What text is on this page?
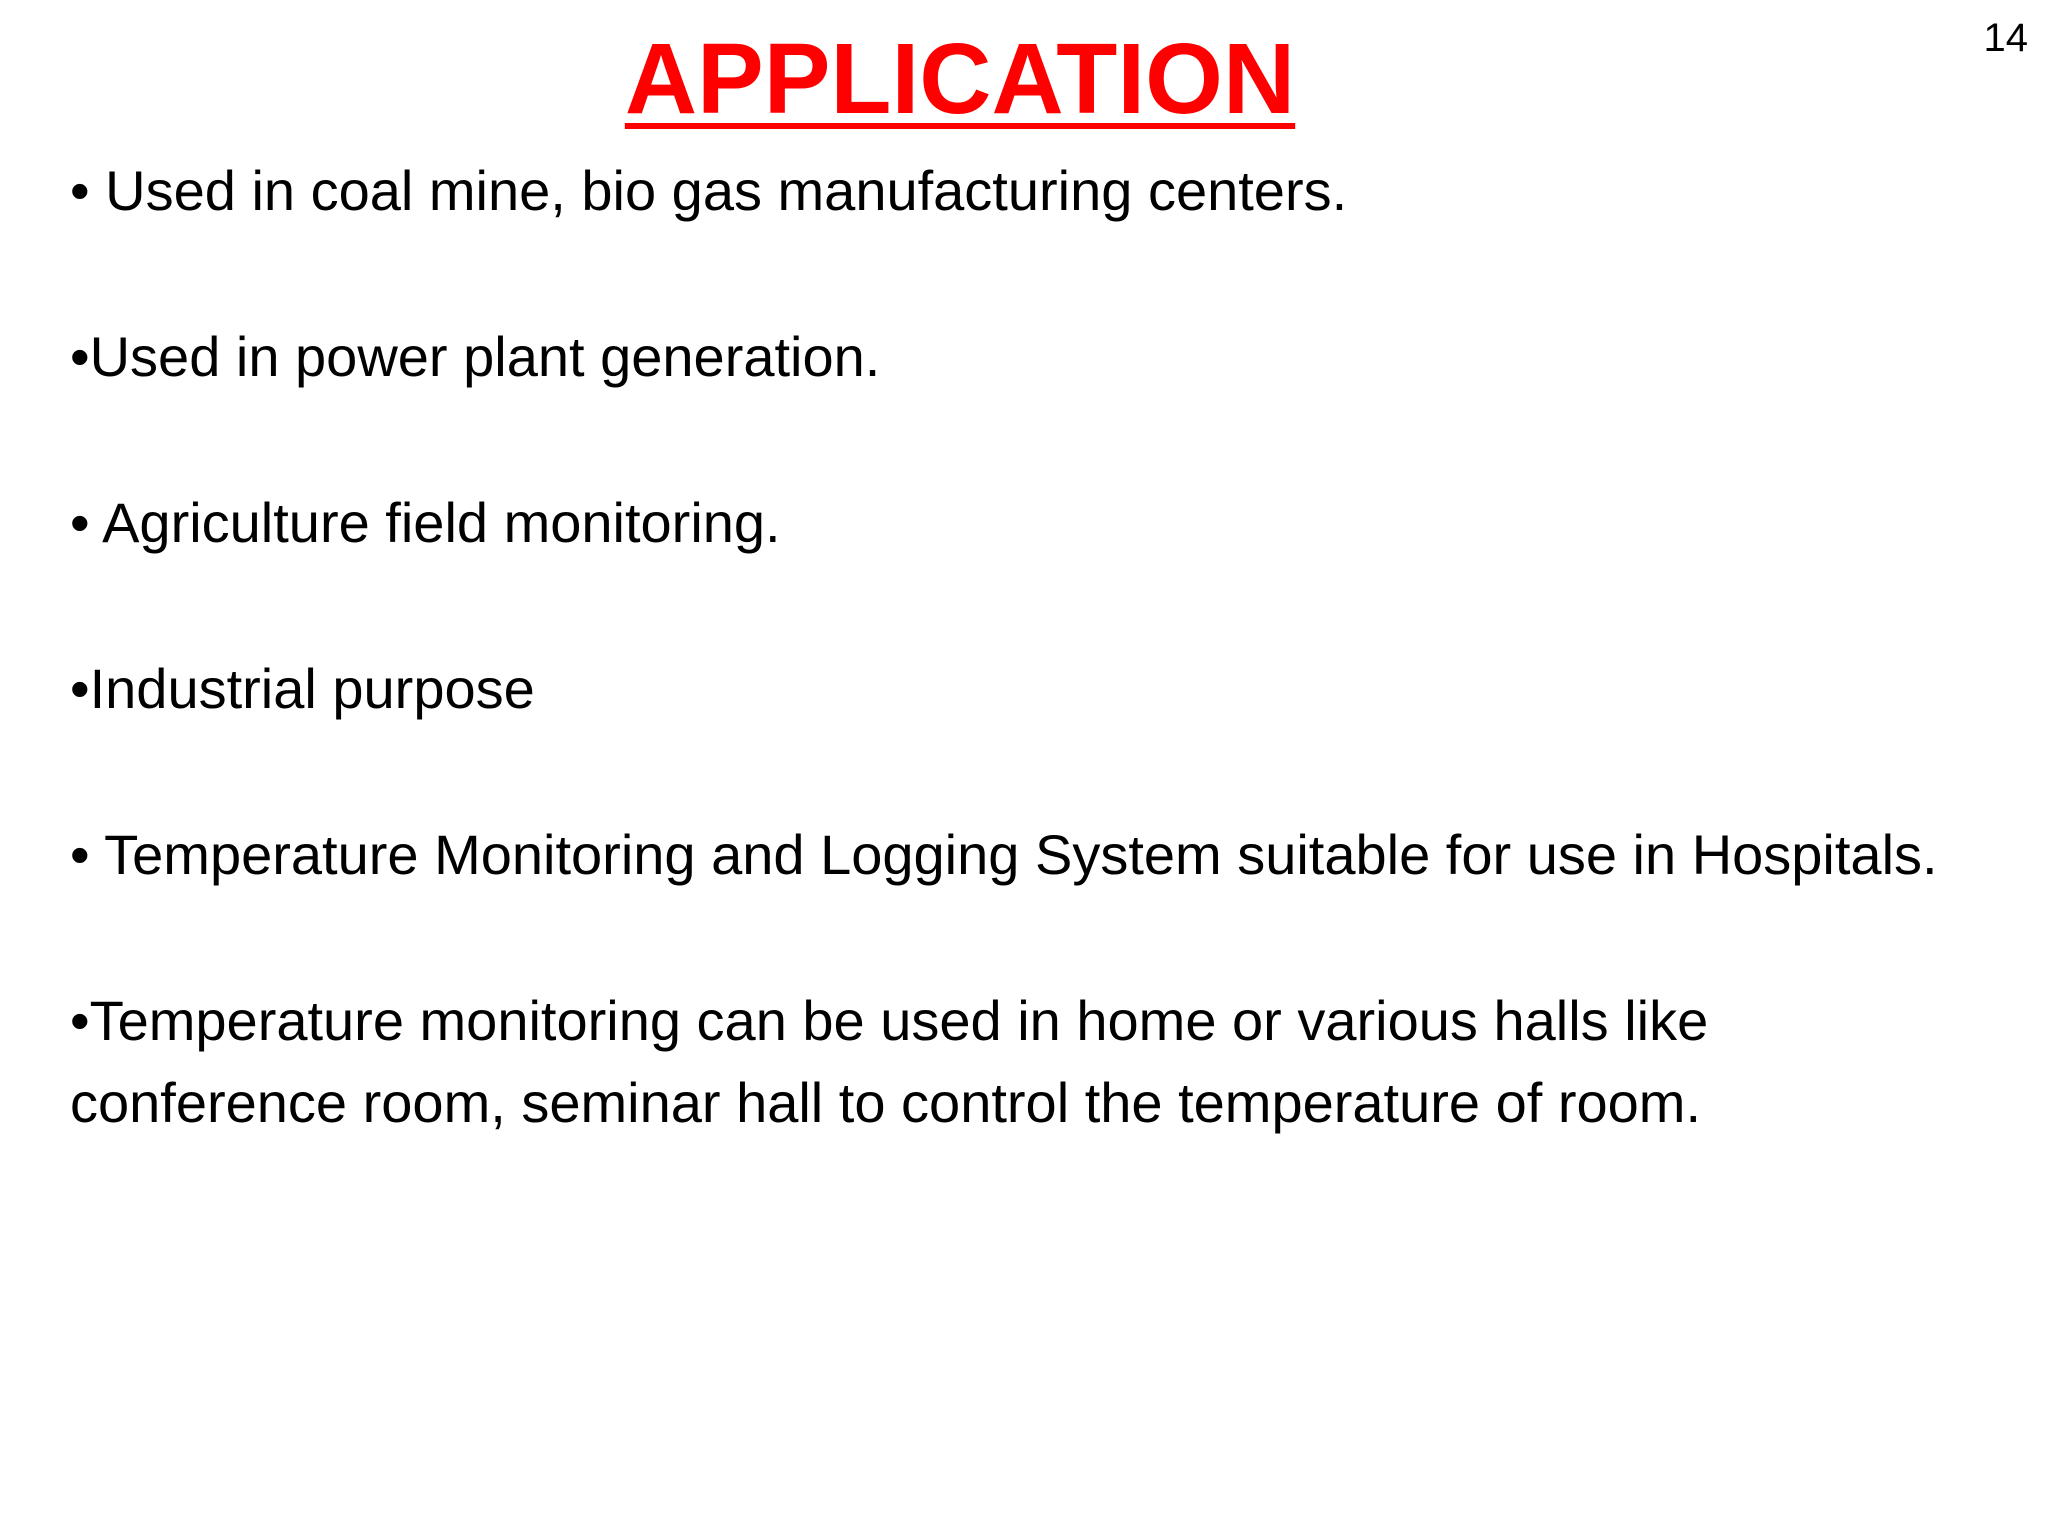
14
APPLICATION
• Used in coal mine, bio gas manufacturing centers.
•Used in power plant generation.
• Agriculture field monitoring.
•Industrial purpose
• Temperature Monitoring and Logging System suitable for use in Hospitals.
•Temperature monitoring can be used in home or various halls like conference room, seminar hall to control the temperature of room.
